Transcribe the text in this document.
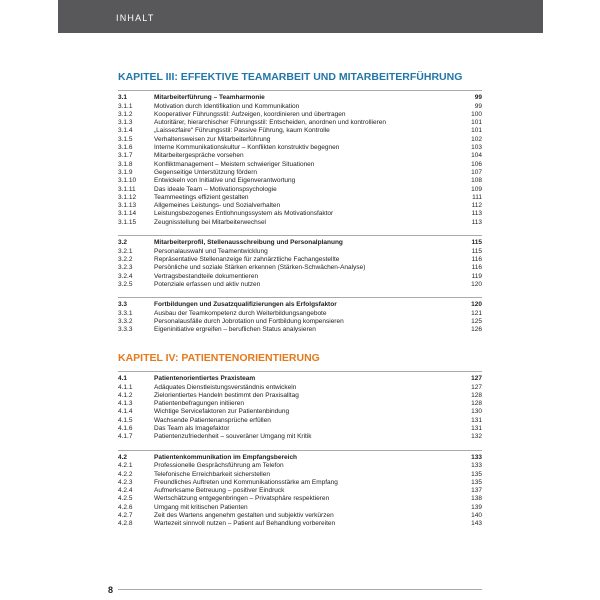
INHALT
KAPITEL III: EFFEKTIVE TEAMARBEIT UND MITARBEITERFÜHRUNG
3.1	Mitarbeiterführung – Teamharmonie	99
3.1.1	Motivation durch Identifikation und Kommunikation	99
3.1.2	Kooperativer Führungsstil: Aufzeigen, koordinieren und übertragen	100
3.1.3	Autoritärer, hierarchischer Führungsstil: Entscheiden, anordnen und kontrollieren	101
3.1.4	„Laissezfaireʺ Führungsstil: Passive Führung, kaum Kontrolle	101
3.1.5	Verhaltensweisen zur Mitarbeiterführung	102
3.1.6	Interne Kommunikationskultur – Konflikten konstruktiv begegnen	103
3.1.7	Mitarbeitergespräche vorsehen	104
3.1.8	Konfliktmanagement – Meistern schwieriger Situationen	106
3.1.9	Gegenseitige Unterstützung fördern	107
3.1.10	Entwickeln von Initiative und Eigenverantwortung	108
3.1.11	Das ideale Team – Motivationspsychologie	109
3.1.12	Teammeetings effizient gestalten	111
3.1.13	Allgemeines Leistungs- und Sozialverhalten	112
3.1.14	Leistungsbezogenes Entlohnungssystem als Motivationsfaktor	113
3.1.15	Zeugnisstellung bei Mitarbeiterwechsel	113
3.2	Mitarbeiterprofil, Stellenausschreibung und Personalplanung	115
3.2.1	Personalauswahl und Teamentwicklung	115
3.2.2	Repräsentative Stellenanzeige für zahnärztliche Fachangestellte	116
3.2.3	Persönliche und soziale Stärken erkennen (Stärken-Schwächen-Analyse)	116
3.2.4	Vertragsbestandteile dokumentieren	119
3.2.5	Potenziale erfassen und aktiv nutzen	120
3.3	Fortbildungen und Zusatzqualifizierungen als Erfolgsfaktor	120
3.3.1	Ausbau der Teamkompetenz durch Weiterbildungsangebote	121
3.3.2	Personalausfälle durch Jobrotation und Fortbildung kompensieren	125
3.3.3	Eigeninitiative ergreifen – beruflichen Status analysieren	126
KAPITEL IV: PATIENTENORIENTIERUNG
4.1	Patientenorientiertes Praxisteam	127
4.1.1	Adäquates Dienstleistungsverständnis entwickeln	127
4.1.2	Zielorientiertes Handeln bestimmt den Praxisalltag	128
4.1.3	Patientenbefragungen initiieren	128
4.1.4	Wichtige Servicefaktoren zur Patientenbindung	130
4.1.5	Wachsende Patientenansprüche erfüllen	131
4.1.6	Das Team als Imagefaktor	131
4.1.7	Patientenzufriedenheit – souveräner Umgang mit Kritik	132
4.2	Patientenkommunikation im Empfangsbereich	133
4.2.1	Professionelle Gesprächsführung am Telefon	133
4.2.2	Telefonische Erreichbarkeit sicherstellen	135
4.2.3	Freundliches Auftreten und Kommunikationsstärke am Empfang	135
4.2.4	Aufmerksame Betreuung – positiver Eindruck	137
4.2.5	Wertschätzung entgegenbringen – Privatsphäre respektieren	138
4.2.6	Umgang mit kritischen Patienten	139
4.2.7	Zeit des Wartens angenehm gestalten und subjektiv verkürzen	140
4.2.8	Wartezeit sinnvoll nutzen – Patient auf Behandlung vorbereiten	143
8
